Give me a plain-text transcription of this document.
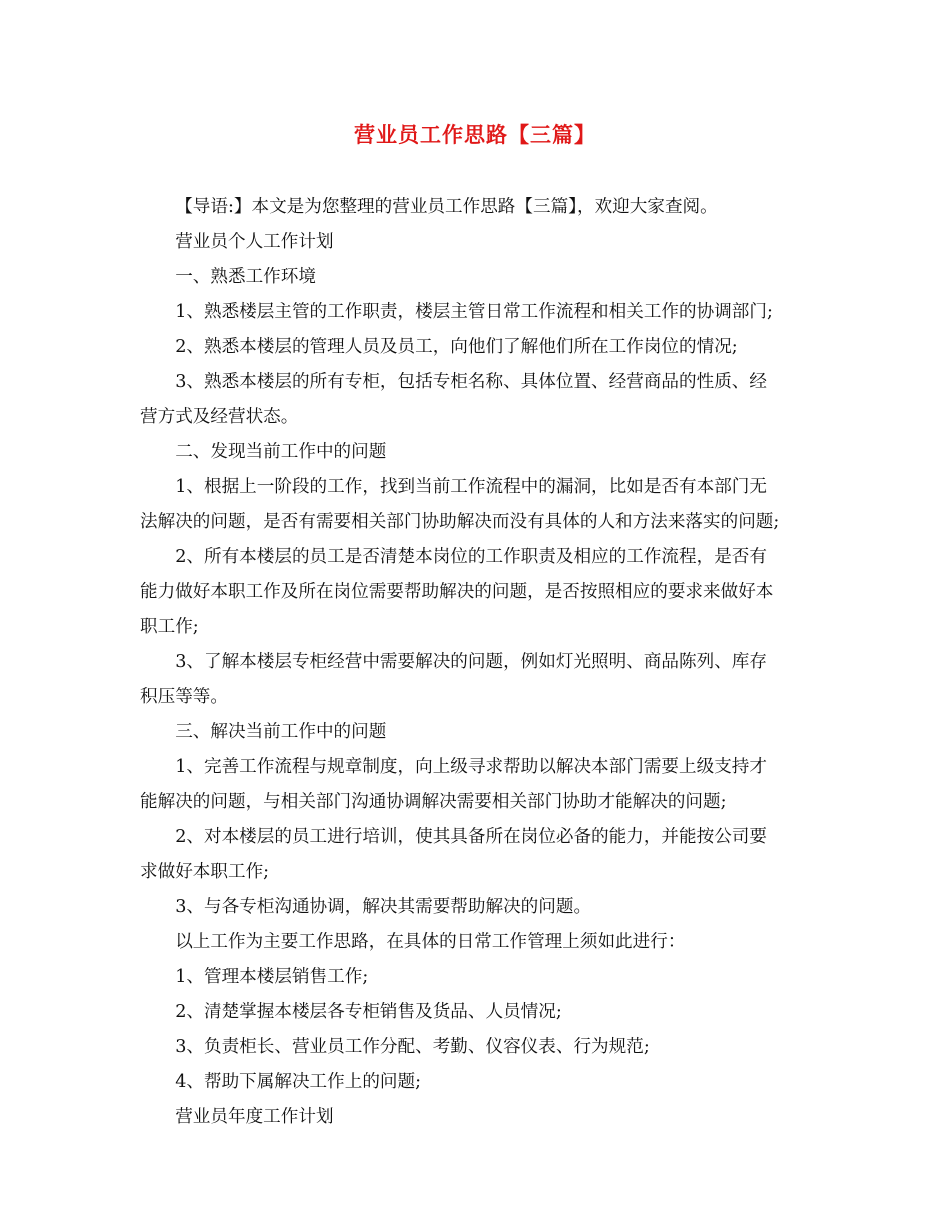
营业员工作思路【三篇】

【导语:】本文是为您整理的营业员工作思路【三篇】，欢迎大家查阅。

营业员个人工作计划

一、熟悉工作环境

1、熟悉楼层主管的工作职责，楼层主管日常工作流程和相关工作的协调部门;

2、熟悉本楼层的管理人员及员工，向他们了解他们所在工作岗位的情况;

3、熟悉本楼层的所有专柜，包括专柜名称、具体位置、经营商品的性质、经

营方式及经营状态。

二、发现当前工作中的问题

1、根据上一阶段的工作，找到当前工作流程中的漏洞，比如是否有本部门无

法解决的问题，是否有需要相关部门协助解决而没有具体的人和方法来落实的问题;

2、所有本楼层的员工是否清楚本岗位的工作职责及相应的工作流程，是否有

能力做好本职工作及所在岗位需要帮助解决的问题，是否按照相应的要求来做好本

职工作;

3、了解本楼层专柜经营中需要解决的问题，例如灯光照明、商品陈列、库存

积压等等。

三、解决当前工作中的问题

1、完善工作流程与规章制度，向上级寻求帮助以解决本部门需要上级支持才

能解决的问题，与相关部门沟通协调解决需要相关部门协助才能解决的问题;

2、对本楼层的员工进行培训，使其具备所在岗位必备的能力，并能按公司要

求做好本职工作;

3、与各专柜沟通协调，解决其需要帮助解决的问题。

以上工作为主要工作思路，在具体的日常工作管理上须如此进行：

1、管理本楼层销售工作;

2、清楚掌握本楼层各专柜销售及货品、人员情况;

3、负责柜长、营业员工作分配、考勤、仪容仪表、行为规范;

4、帮助下属解决工作上的问题;

营业员年度工作计划
